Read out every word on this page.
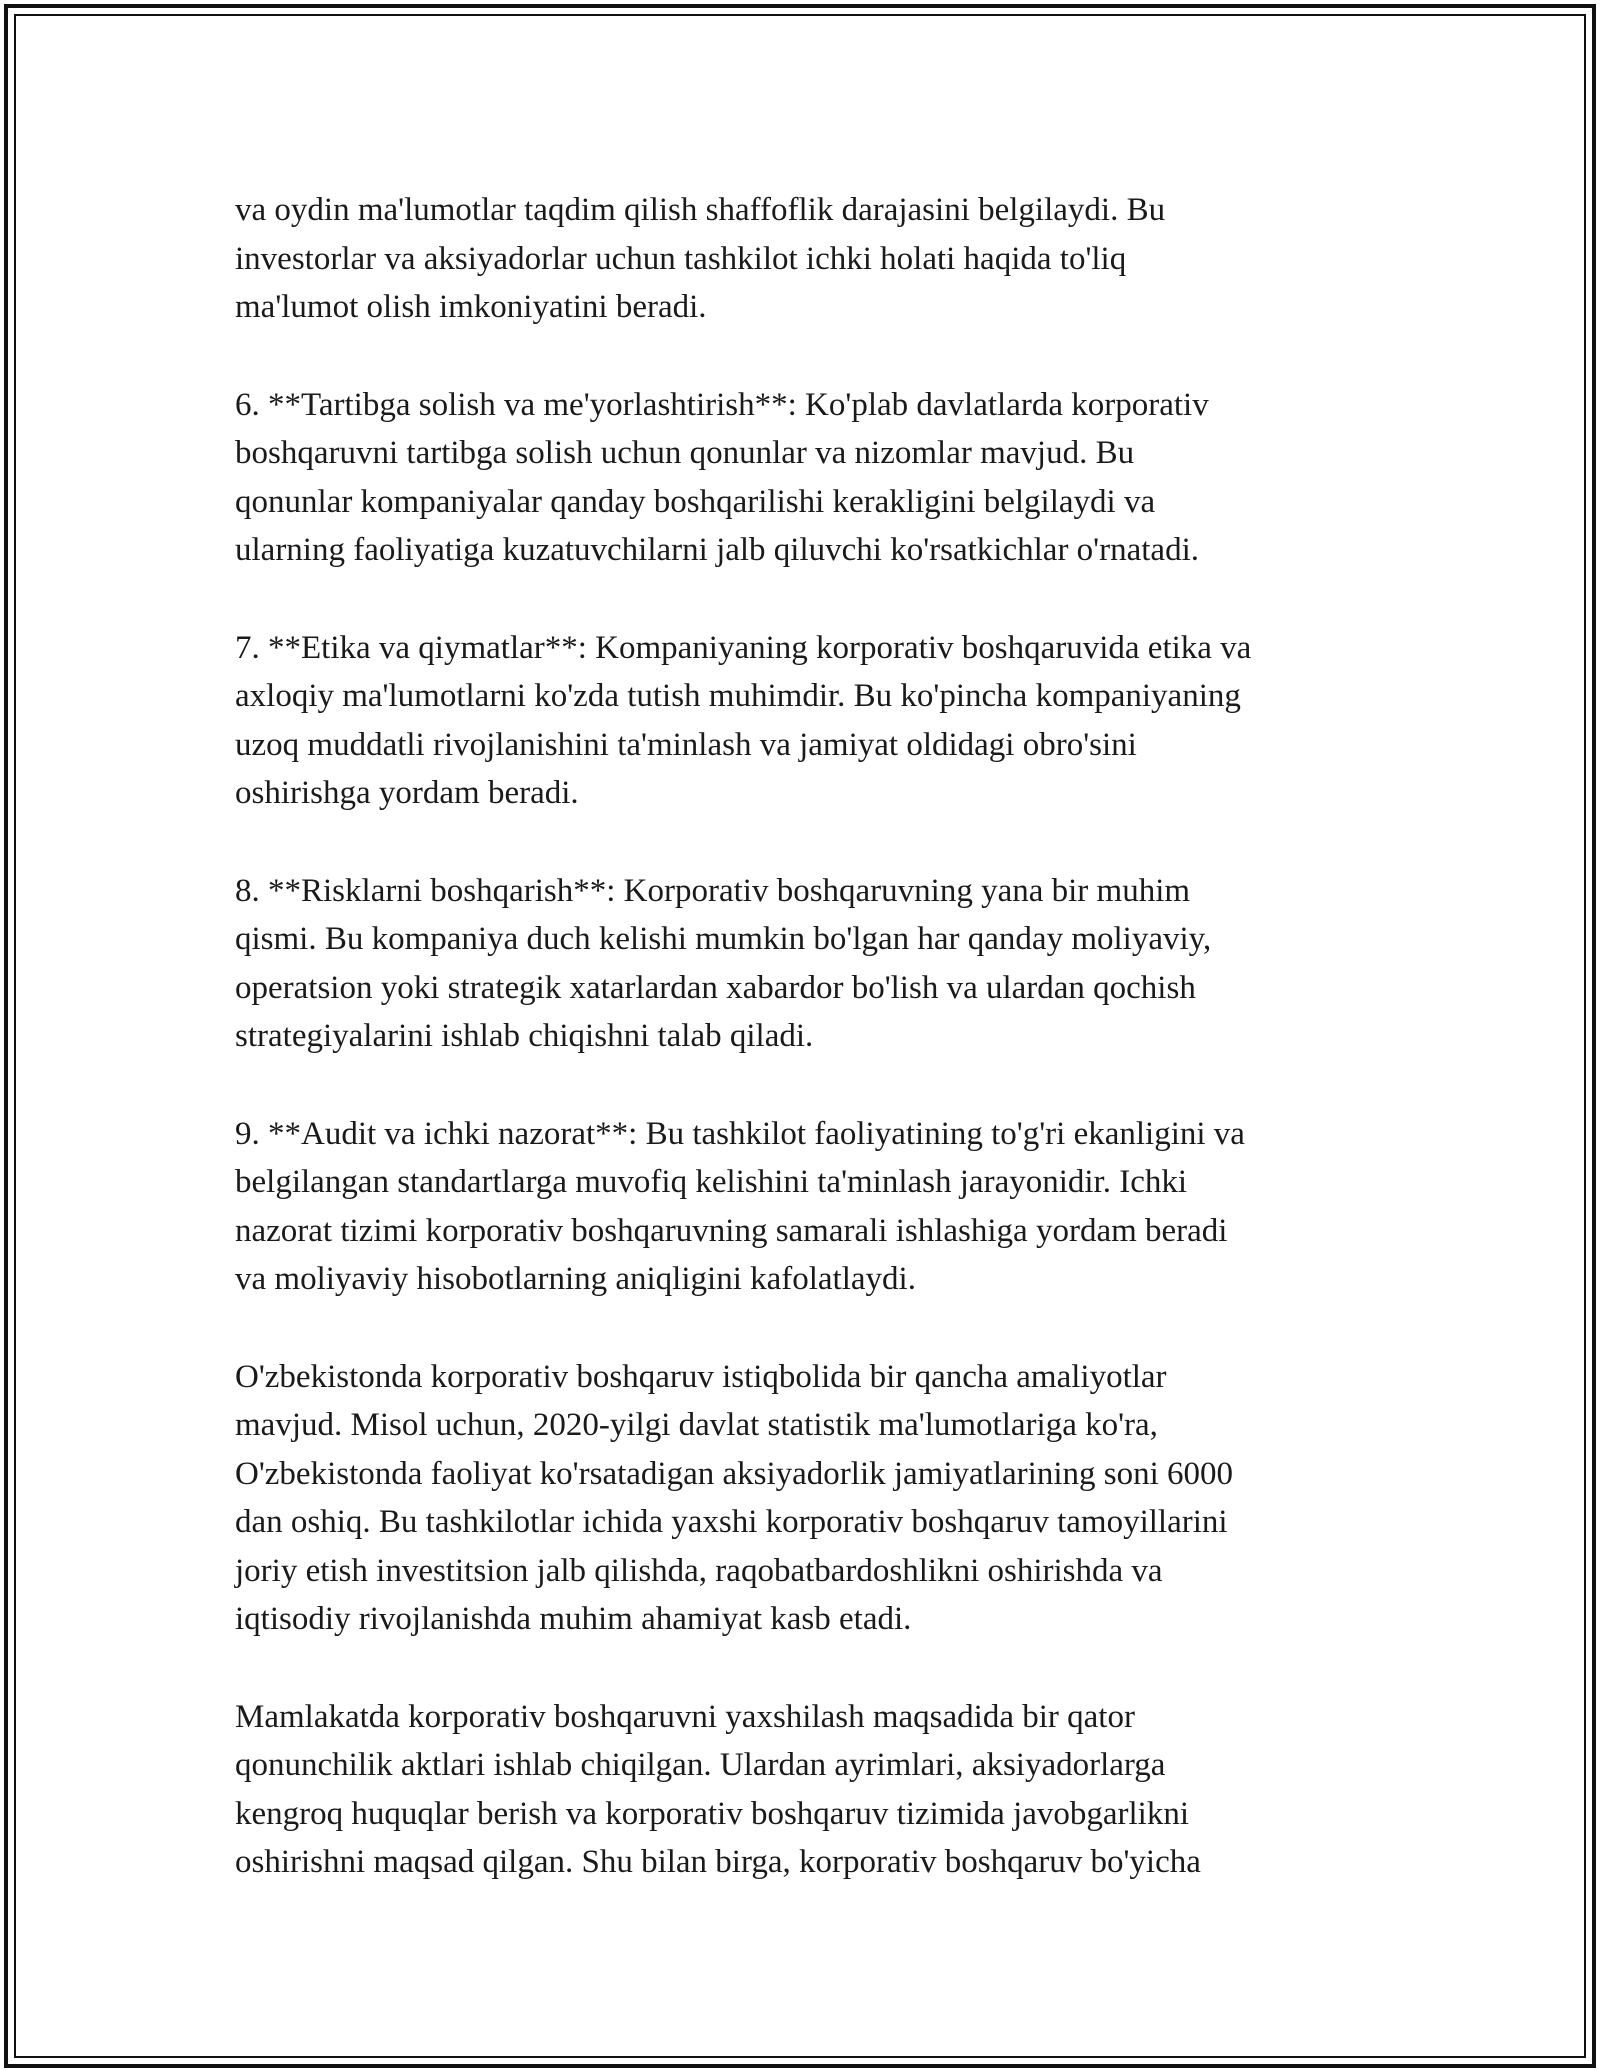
va oydin ma'lumotlar taqdim qilish shaffoflik darajasini belgilaydi. Bu
investorlar va aksiyadorlar uchun tashkilot ichki holati haqida to'liq
ma'lumot olish imkoniyatini beradi.

6. **Tartibga solish va me'yorlashtirish**: Ko'plab davlatlarda korporativ
boshqaruvni tartibga solish uchun qonunlar va nizomlar mavjud. Bu
qonunlar kompaniyalar qanday boshqarilishi kerakligini belgilaydi va
ularning faoliyatiga kuzatuvchilarni jalb qiluvchi ko'rsatkichlar o'rnatadi.

7. **Etika va qiymatlar**: Kompaniyaning korporativ boshqaruvida etika va
axloqiy ma'lumotlarni ko'zda tutish muhimdir. Bu ko'pincha kompaniyaning
uzoq muddatli rivojlanishini ta'minlash va jamiyat oldidagi obro'sini
oshirishga yordam beradi.

8. **Risklarni boshqarish**: Korporativ boshqaruvning yana bir muhim
qismi. Bu kompaniya duch kelishi mumkin bo'lgan har qanday moliyaviy,
operatsion yoki strategik xatarlardan xabardor bo'lish va ulardan qochish
strategiyalarini ishlab chiqishni talab qiladi.

9. **Audit va ichki nazorat**: Bu tashkilot faoliyatining to'g'ri ekanligini va
belgilangan standartlarga muvofiq kelishini ta'minlash jarayonidir. Ichki
nazorat tizimi korporativ boshqaruvning samarali ishlashiga yordam beradi
va moliyaviy hisobotlarning aniqligini kafolatlaydi.

O'zbekistonda korporativ boshqaruv istiqbolida bir qancha amaliyotlar
mavjud. Misol uchun, 2020-yilgi davlat statistik ma'lumotlariga ko'ra,
O'zbekistonda faoliyat ko'rsatadigan aksiyadorlik jamiyatlarining soni 6000
dan oshiq. Bu tashkilotlar ichida yaxshi korporativ boshqaruv tamoyillarini
joriy etish investitsion jalb qilishda, raqobatbardoshlikni oshirishda va
iqtisodiy rivojlanishda muhim ahamiyat kasb etadi.

Mamlakatda korporativ boshqaruvni yaxshilash maqsadida bir qator
qonunchilik aktlari ishlab chiqilgan. Ulardan ayrimlari, aksiyadorlarga
kengroq huquqlar berish va korporativ boshqaruv tizimida javobgarlikni
oshirishni maqsad qilgan. Shu bilan birga, korporativ boshqaruv bo'yicha
